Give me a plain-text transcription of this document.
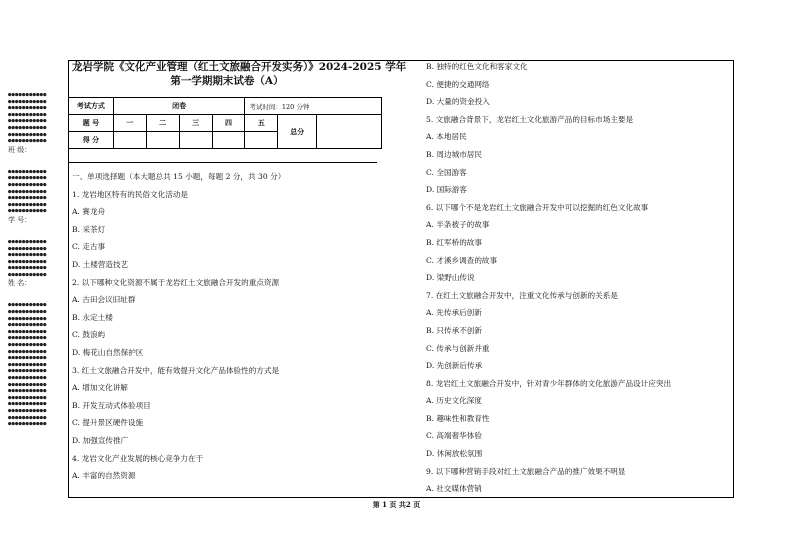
●●●●●●●●●●●
●●●●●●●●●●●
●●●●●●●●●●●
●●●●●●●●●●●
●●●●●●●●●●●
●●●●●●●●●●●
●●●●●●●●●●●
●●●●●●●●●●●
班 级：
●●●●●●●●●●●
●●●●●●●●●●●
●●●●●●●●●●●
●●●●●●●●●●●
●●●●●●●●●●●
●●●●●●●●●●●
●●●●●●●●●●●
学 号：
●●●●●●●●●●●
●●●●●●●●●●●
●●●●●●●●●●●
●●●●●●●●●●●
●●●●●●●●●●●
●●●●●●●●●●●
姓 名：
●●●●●●●●●●●
●●●●●●●●●●●
●●●●●●●●●●●
●●●●●●●●●●●
●●●●●●●●●●●
●●●●●●●●●●●
●●●●●●●●●●●
●●●●●●●●●●●
●●●●●●●●●●●
●●●●●●●●●●●
●●●●●●●●●●●
●●●●●●●●●●●
●●●●●●●●●●●
●●●●●●●●●●●
●●●●●●●●●●●
●●●●●●●●●●●
●●●●●●●●●●●
●●●●●●●●●●●
●●●●●●●●●●●
龙岩学院《文化产业管理（红土文旅融合开发实务）》2024-2025 学年
第一学期期末试卷（A）
考试方式	闭卷				考试时间：120 分钟		
题 号	一	二	三	四	五	总分	
得 分							
一、单项选择题（本大题总共 15 小题，每题 2 分，共 30 分）
1. 龙岩地区特有的民俗文化活动是
A. 赛龙舟
B. 采茶灯
C. 走古事
D. 土楼营造技艺
2. 以下哪种文化资源不属于龙岩红土文旅融合开发的重点资源
A. 古田会议旧址群
B. 永定土楼
C. 鼓浪屿
D. 梅花山自然保护区
3. 红土文旅融合开发中，能有效提升文化产品体验性的方式是
A. 增加文化讲解
B. 开发互动式体验项目
C. 提升景区硬件设施
D. 加强宣传推广
4. 龙岩文化产业发展的核心竞争力在于
A. 丰富的自然资源
B. 独特的红色文化和客家文化
C. 便捷的交通网络
D. 大量的资金投入
5. 文旅融合背景下，龙岩红土文化旅游产品的目标市场主要是
A. 本地居民
B. 周边城市居民
C. 全国游客
D. 国际游客
6. 以下哪个不是龙岩红土文旅融合开发中可以挖掘的红色文化故事
A. 半条被子的故事
B. 红军桥的故事
C. 才溪乡调查的故事
D. 梁野山传说
7. 在红土文旅融合开发中，注重文化传承与创新的关系是
A. 先传承后创新
B. 只传承不创新
C. 传承与创新并重
D. 先创新后传承
8. 龙岩红土文旅融合开发中，针对青少年群体的文化旅游产品设计应突出
A. 历史文化深度
B. 趣味性和教育性
C. 高端奢华体验
D. 休闲放松氛围
9. 以下哪种营销手段对红土文旅融合产品的推广效果不明显
A. 社交媒体营销
第 1 页 共2 页
